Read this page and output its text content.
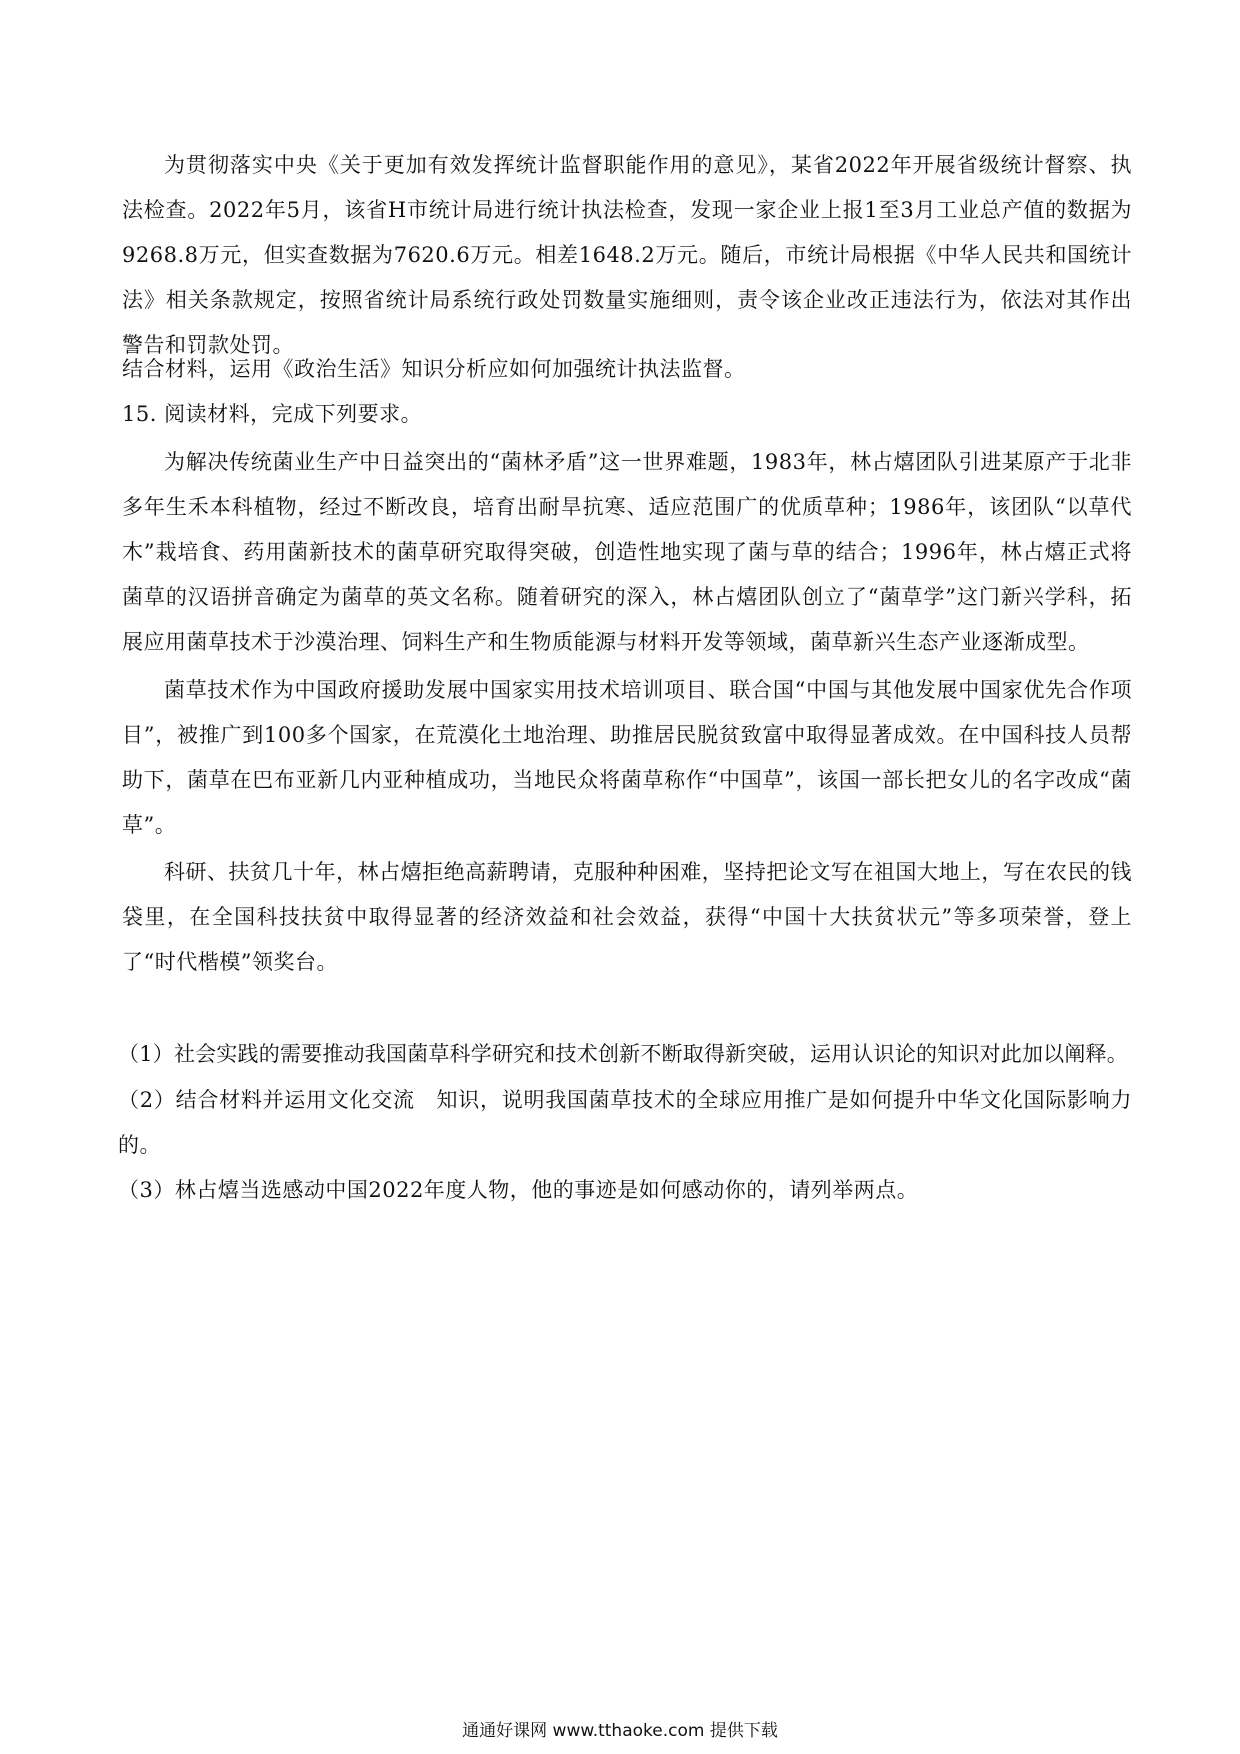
为贯彻落实中央《关于更加有效发挥统计监督职能作用的意见》，某省2022年开展省级统计督察、执法检查。2022年5月，该省H市统计局进行统计执法检查，发现一家企业上报1至3月工业总产值的数据为9268.8万元，但实查数据为7620.6万元。相差1648.2万元。随后，市统计局根据《中华人民共和国统计法》相关条款规定，按照省统计局系统行政处罚数量实施细则，责令该企业改正违法行为，依法对其作出警告和罚款处罚。

结合材料，运用《政治生活》知识分析应如何加强统计执法监督。

15. 阅读材料，完成下列要求。

为解决传统菌业生产中日益突出的“菌林矛盾”这一世界难题，1983年，林占熺团队引进某原产于北非多年生禾本科植物，经过不断改良，培育出耐旱抗寒、适应范围广的优质草种；1986年，该团队“以草代木”栽培食、药用菌新技术的菌草研究取得突破，创造性地实现了菌与草的结合；1996年，林占熺正式将菌草的汉语拼音确定为菌草的英文名称。随着研究的深入，林占熺团队创立了“菌草学”这门新兴学科，拓展应用菌草技术于沙漠治理、饲料生产和生物质能源与材料开发等领域，菌草新兴生态产业逐渐成型。

菌草技术作为中国政府援助发展中国家实用技术培训项目、联合国“中国与其他发展中国家优先合作项目”，被推广到100多个国家，在荒漠化土地治理、助推居民脱贫致富中取得显著成效。在中国科技人员帮助下，菌草在巴布亚新几内亚种植成功，当地民众将菌草称作“中国草”，该国一部长把女儿的名字改成“菌草”。

科研、扶贫几十年，林占熺拒绝高薪聘请，克服种种困难，坚持把论文写在祖国大地上，写在农民的钱袋里，在全国科技扶贫中取得显著的经济效益和社会效益，获得“中国十大扶贫状元”等多项荣誉，登上了“时代楷模”领奖台。

（1）社会实践的需要推动我国菌草科学研究和技术创新不断取得新突破，运用认识论的知识对此加以阐释。

（2）结合材料并运用文化交流　知识，说明我国菌草技术的全球应用推广是如何提升中华文化国际影响力的。

（3）林占熺当选感动中国2022年度人物，他的事迹是如何感动你的，请列举两点。

通通好课网 www.tthaoke.com 提供下载
